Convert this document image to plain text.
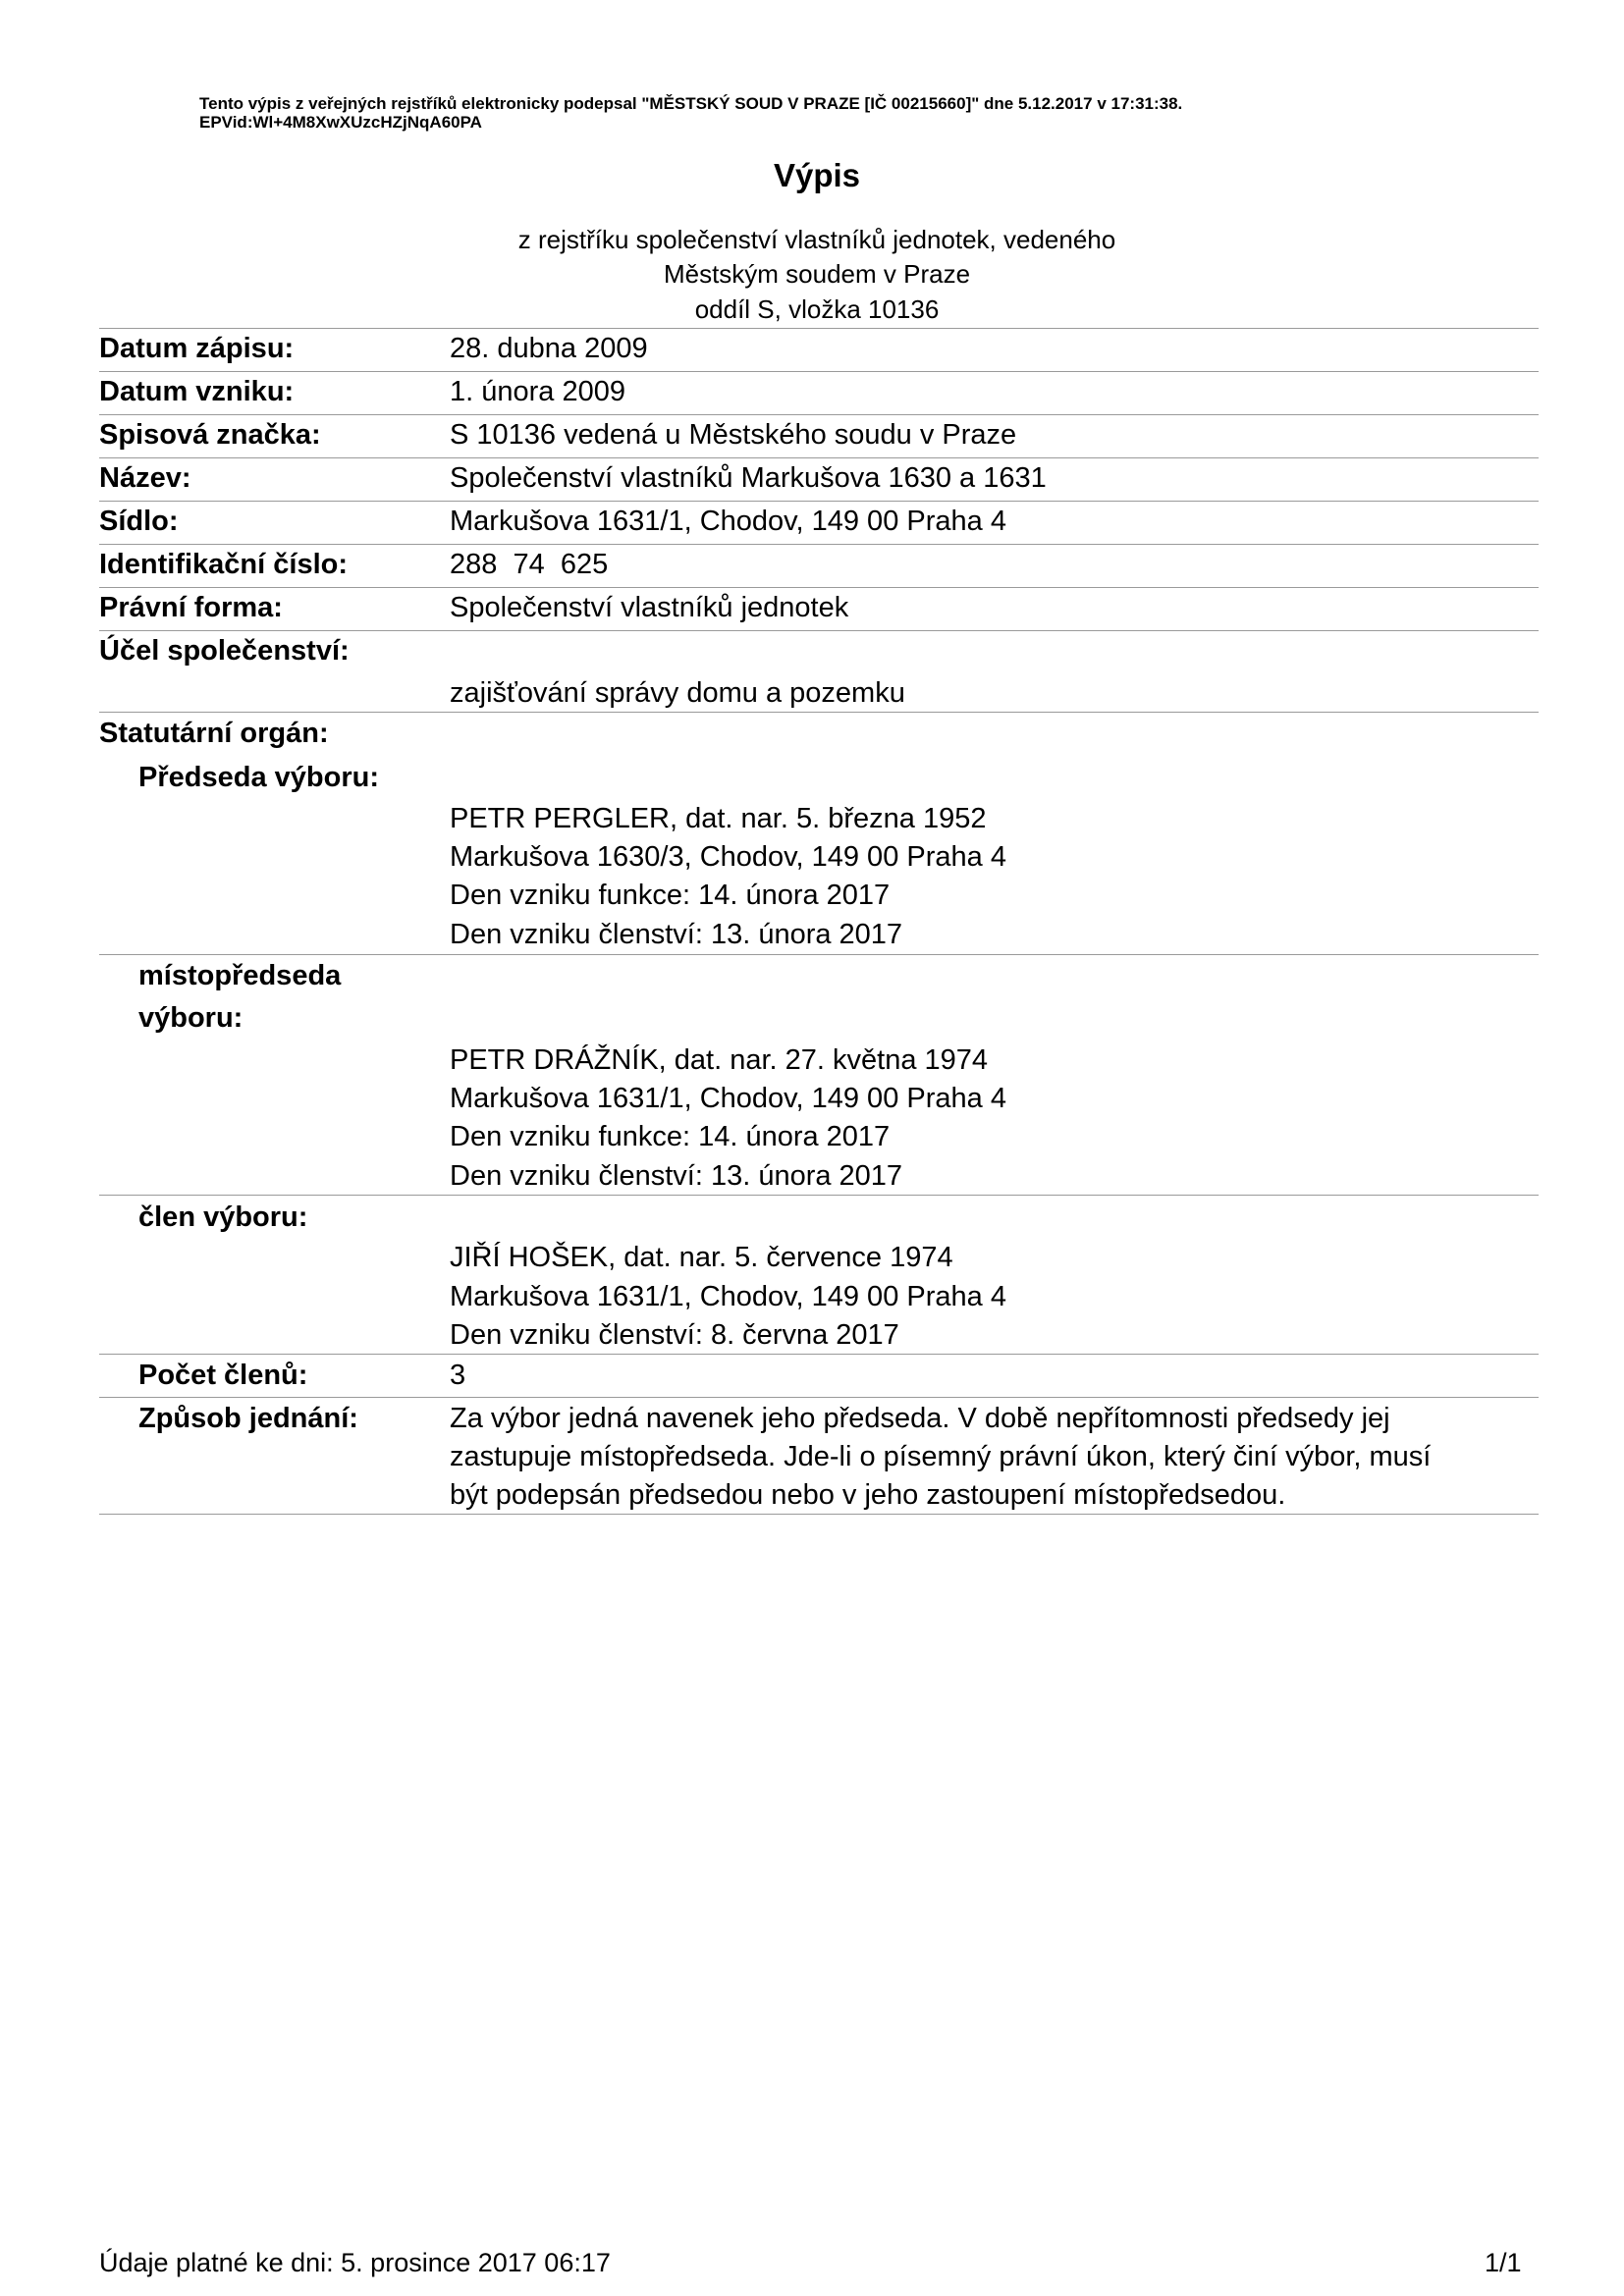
Tento výpis z veřejných rejstříků elektronicky podepsal "MĚSTSKÝ SOUD V PRAZE [IČ 00215660]" dne 5.12.2017 v 17:31:38.
EPVid:Wl+4M8XwXUzcHZjNqA60PA
Výpis
z rejstříku společenství vlastníků jednotek, vedeného
Městským soudem v Praze
oddíl S, vložka 10136
Datum zápisu:	28. dubna 2009
Datum vzniku:	1. února 2009
Spisová značka:	S 10136 vedená u Městského soudu v Praze
Název:	Společenství vlastníků Markušova 1630 a 1631
Sídlo:	Markušova 1631/1, Chodov, 149 00 Praha 4
Identifikační číslo:	288  74  625
Právní forma:	Společenství vlastníků jednotek
Účel společenství:
zajišťování správy domu a pozemku
Statutární orgán:
Předseda výboru:
PETR PERGLER, dat. nar. 5. března 1952
Markušova 1630/3, Chodov, 149 00 Praha 4
Den vzniku funkce: 14. února 2017
Den vzniku členství: 13. února 2017
místopředseda
výboru:
PETR DRÁŽNÍK, dat. nar. 27. května 1974
Markušova 1631/1, Chodov, 149 00 Praha 4
Den vzniku funkce: 14. února 2017
Den vzniku členství: 13. února 2017
člen výboru:
JIŘÍ HOŠEK, dat. nar. 5. července 1974
Markušova 1631/1, Chodov, 149 00 Praha 4
Den vzniku členství: 8. června 2017
Počet členů:	3
Způsob jednání:	Za výbor jedná navenek jeho předseda. V době nepřítomnosti předsedy jej
zastupuje místopředseda. Jde-li o písemný právní úkon, který činí výbor, musí
být podepsán předsedou nebo v jeho zastoupení místopředsedou.
Údaje platné ke dni: 5. prosince 2017 06:17	1/1
